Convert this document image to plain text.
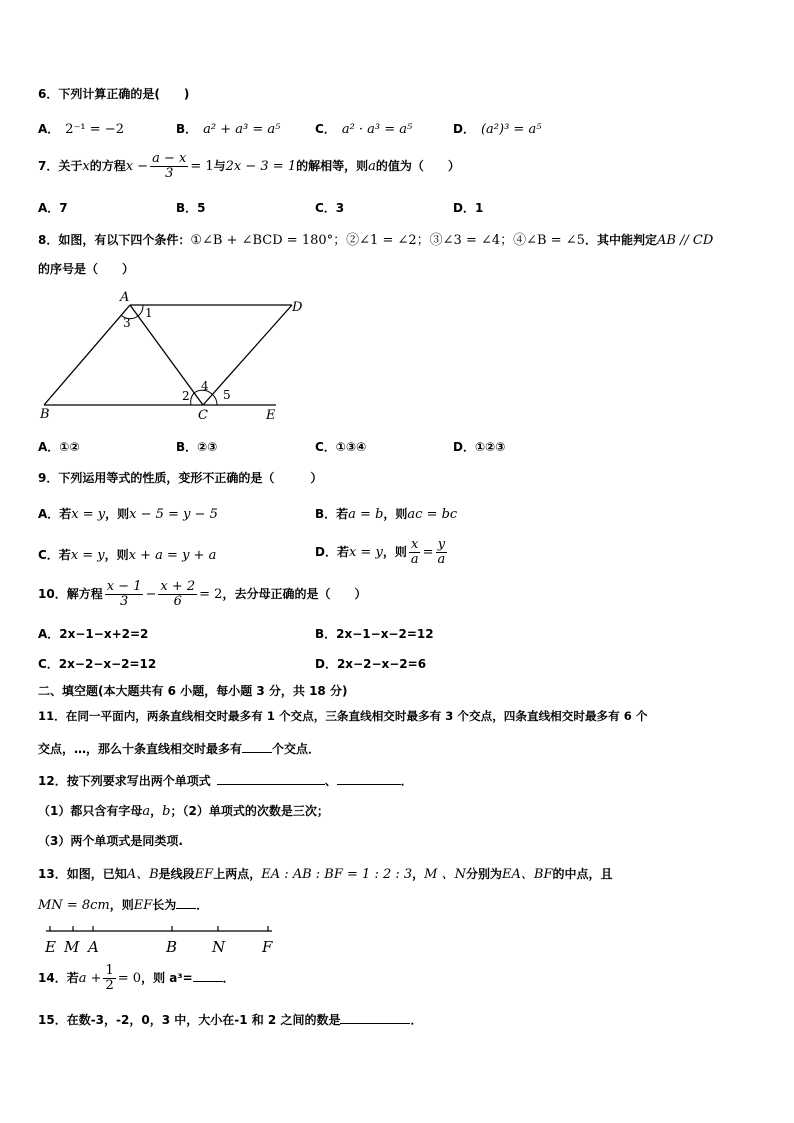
6．下列计算正确的是(　　)
A． 2⁻¹ = −2	B． a² + a³ = a⁵	C． a² · a³ = a⁵	D． (a²)³ = a⁵
7．关于x的方程$x - \frac{a - x}{3} = 1$与2x − 3 = 1的解相等，则a的值为（　　）
A．7	B．5	C．3	D．1
8．如图，有以下四个条件：①∠B + ∠BCD = 180°；②∠1 = ∠2；③∠3 = ∠4；④∠B = ∠5．其中能判定AB // CD
的序号是（　　）
A
B	C
D
E
1
2
3
4
5
A．①②	B．②③	C．①③④	D．①②③
9．下列运用等式的性质，变形不正确的是（　　　）
A．若x = y，则x − 5 = y − 5	B．若a = b，则ac = bc
C．若x = y，则x + a = y + a	D．若x = y，则 $\frac{x}{a} = \frac{y}{a}$
10．解方程 $\frac{x - 1}{3} - \frac{x + 2}{6} = 2$，去分母正确的是（　　）
A．2x−1−x+2=2	B．2x−1−x−2=12
C．2x−2−x−2=12	D．2x−2−x−2=6
二、填空题(本大题共有 6 小题，每小题 3 分，共 18 分)
11．在同一平面内，两条直线相交时最多有 1 个交点，三条直线相交时最多有 3 个交点，四条直线相交时最多有 6 个
交点，…，那么十条直线相交时最多有	个交点．
12．按下列要求写出两个单项式	、	．
（1）都只含有字母a，b；（2）单项式的次数是三次；
（3）两个单项式是同类项.
13．如图，已知A、B是线段EF上两点，EA : AB : BF = 1 : 2 : 3，M 、N分别为EA、BF的中点，且
MN = 8cm，则EF长为 ．
E M A	B N F
14．若$a + \frac{1}{2} = 0$，则 a³=	．
15．在数-3，-2，0，3 中，大小在-1 和 2 之间的数是	．
